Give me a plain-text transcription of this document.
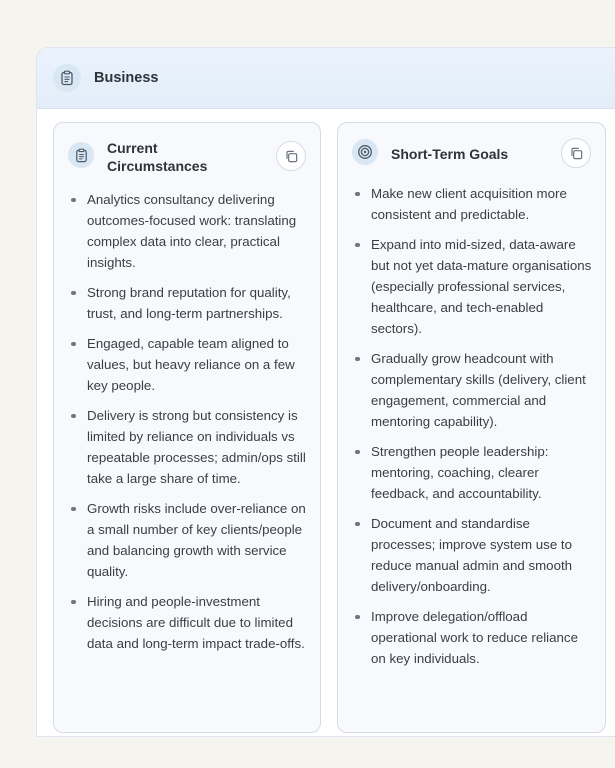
Business
Current
Circumstances
Analytics consultancy delivering outcomes-focused work: translating complex data into clear, practical insights.
Strong brand reputation for quality, trust, and long-term partnerships.
Engaged, capable team aligned to values, but heavy reliance on a few key people.
Delivery is strong but consistency is limited by reliance on individuals vs repeatable processes; admin/ops still take a large share of time.
Growth risks include over-reliance on a small number of key clients/people and balancing growth with service quality.
Hiring and people-investment decisions are difficult due to limited data and long-term impact trade-offs.
Short-Term Goals
Make new client acquisition more consistent and predictable.
Expand into mid-sized, data-aware but not yet data-mature organisations (especially professional services, healthcare, and tech-enabled sectors).
Gradually grow headcount with complementary skills (delivery, client engagement, commercial and mentoring capability).
Strengthen people leadership: mentoring, coaching, clearer feedback, and accountability.
Document and standardise processes; improve system use to reduce manual admin and smooth delivery/onboarding.
Improve delegation/offload operational work to reduce reliance on key individuals.
